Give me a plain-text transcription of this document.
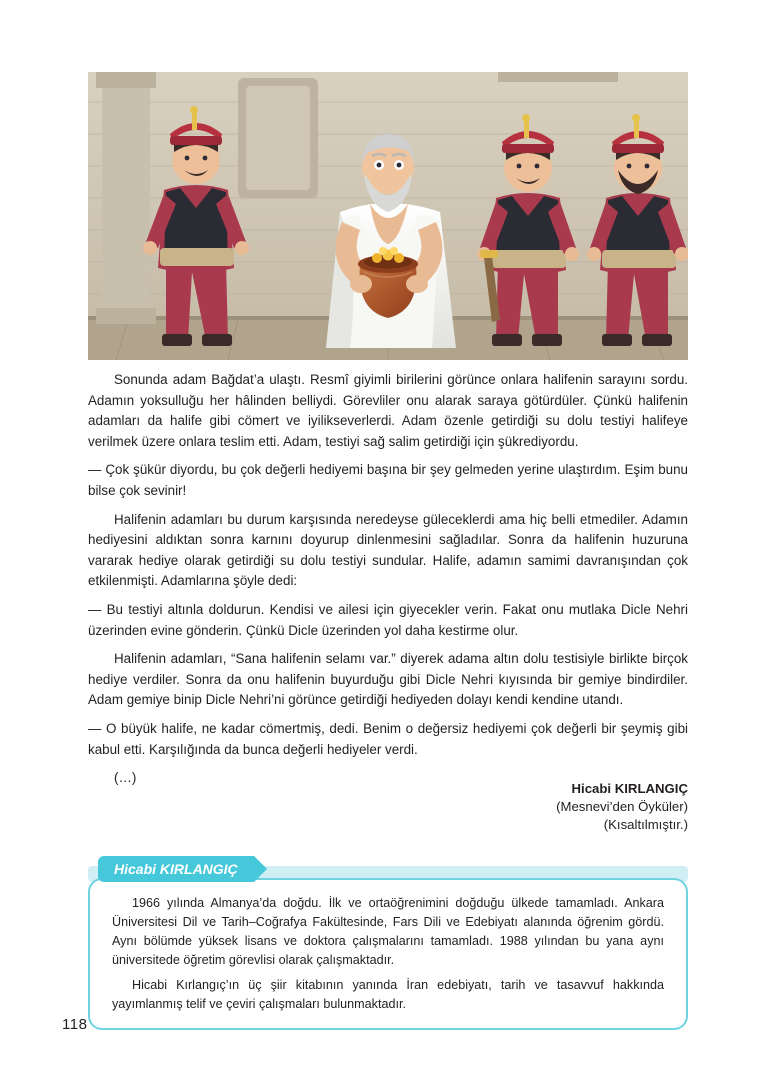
Sonunda adam Bağdat’a ulaştı. Resmî giyimli birilerini görünce onlara halifenin sarayını sordu. Adamın yoksulluğu her hâlinden belliydi. Görevliler onu alarak saraya götürdüler. Çünkü halifenin adamları da halife gibi cömert ve iyilikseverlerdi. Adam özenle getirdiği su dolu testiyi halifeye verilmek üzere onlara teslim etti. Adam, testiyi sağ salim getirdiği için şükrediyordu.

— Çok şükür diyordu, bu çok değerli hediyemi başına bir şey gelmeden yerine ulaştırdım. Eşim bunu bilse çok sevinir!

Halifenin adamları bu durum karşısında neredeyse güleceklerdi ama hiç belli etmediler. Adamın hediyesini aldıktan sonra karnını doyurup dinlenmesini sağladılar. Sonra da halifenin huzuruna vararak hediye olarak getirdiği su dolu testiyi sundular. Halife, adamın samimi davranışından çok etkilenmişti. Adamlarına şöyle dedi:

— Bu testiyi altınla doldurun. Kendisi ve ailesi için giyecekler verin. Fakat onu mutlaka Dicle Nehri üzerinden evine gönderin. Çünkü Dicle üzerinden yol daha kestirme olur.

Halifenin adamları, “Sana halifenin selamı var.” diyerek adama altın dolu testisiyle birlikte birçok hediye verdiler. Sonra da onu halifenin buyurduğu gibi Dicle Nehri kıyısında bir gemiye bindirdiler. Adam gemiye binip Dicle Nehri’ni görünce getirdiği hediyeden dolayı kendi kendine utandı.

— O büyük halife, ne kadar cömertmiş, dedi. Benim o değersiz hediyemi çok değerli bir şeymiş gibi kabul etti. Karşılığında da bunca değerli hediyeler verdi.

(…)

Hicabi KIRLANGIÇ
(Mesnevi’den Öyküler)
(Kısaltılmıştır.)
Hicabi KIRLANGIÇ

1966 yılında Almanya’da doğdu. İlk ve ortaöğrenimini doğduğu ülkede tamamladı. Ankara Üniversitesi Dil ve Tarih–Coğrafya Fakültesinde, Fars Dili ve Edebiyatı alanında öğrenim gördü. Aynı bölümde yüksek lisans ve doktora çalışmalarını tamamladı. 1988 yılından bu yana aynı üniversitede öğretim görevlisi olarak çalışmaktadır.

Hicabi Kırlangıç’ın üç şiir kitabının yanında İran edebiyatı, tarih ve tasavvuf hakkında yayımlanmış telif ve çeviri çalışmaları bulunmaktadır.

118
